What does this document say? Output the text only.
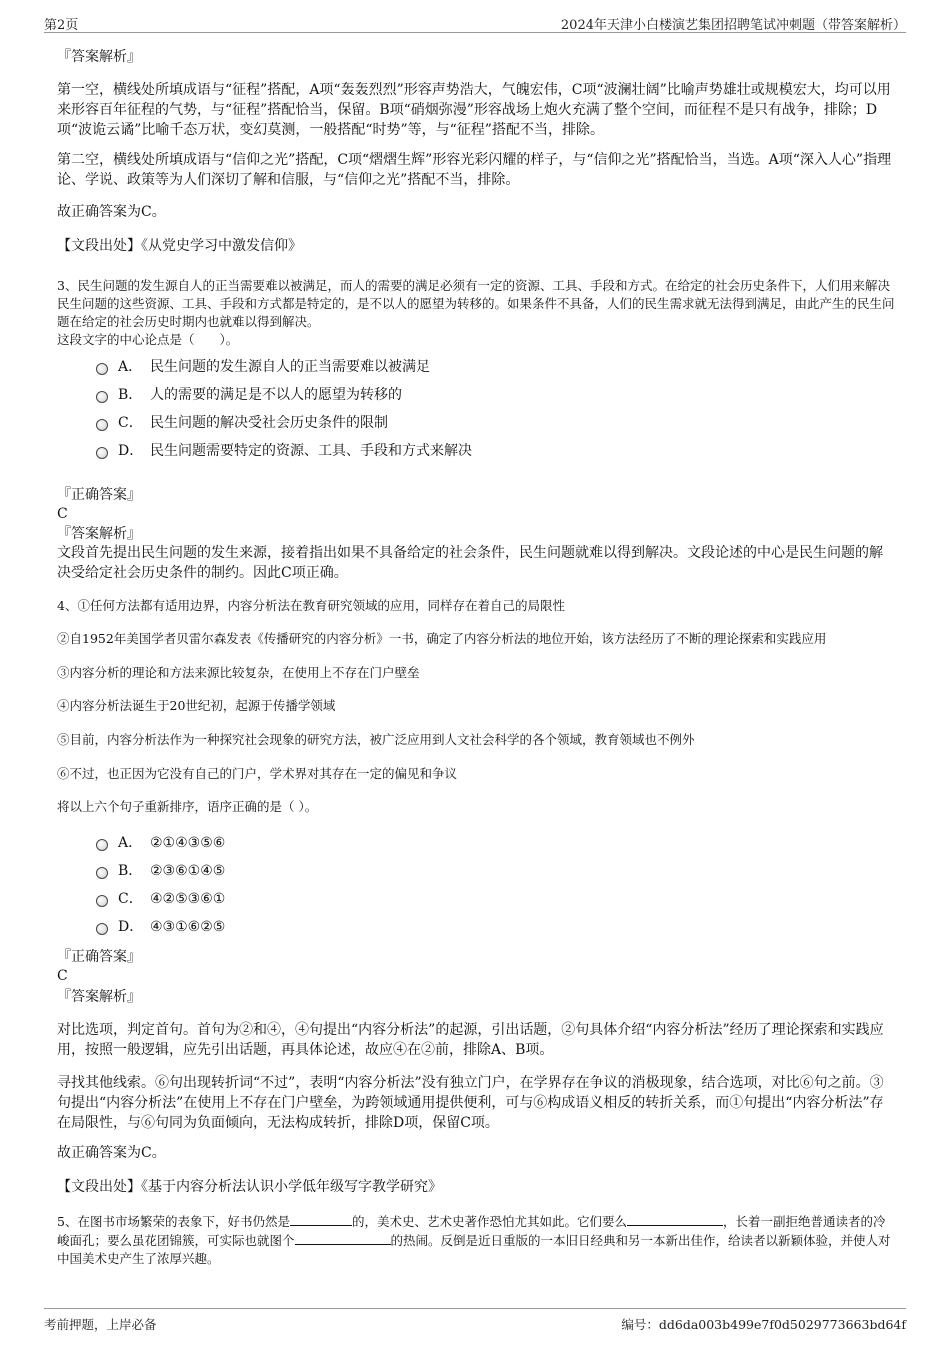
第2页	2024年天津小白楼演艺集团招聘笔试冲刺题（带答案解析）
『答案解析』

第一空，横线处所填成语与“征程”搭配，A项“轰轰烈烈”形容声势浩大，气魄宏伟，C项“波澜壮阔”比喻声势雄壮或规模宏大，均可以用来形容百年征程的气势，与“征程”搭配恰当，保留。B项“硝烟弥漫”形容战场上炮火充满了整个空间，而征程不是只有战争，排除；D项“波诡云谲”比喻千态万状，变幻莫测，一般搭配“时势”等，与“征程”搭配不当，排除。

第二空，横线处所填成语与“信仰之光”搭配，C项“熠熠生辉”形容光彩闪耀的样子，与“信仰之光”搭配恰当，当选。A项“深入人心”指理论、学说、政策等为人们深切了解和信服，与“信仰之光”搭配不当，排除。

故正确答案为C。
【文段出处】《从党史学习中激发信仰》

3、民生问题的发生源自人的正当需要难以被满足，而人的需要的满足必须有一定的资源、工具、手段和方式。在给定的社会历史条件下，人们用来解决民生问题的这些资源、工具、手段和方式都是特定的，是不以人的愿望为转移的。如果条件不具备，人们的民生需求就无法得到满足，由此产生的民生问题在给定的社会历史时期内也就难以得到解决。

这段文字的中心论点是（　　）。

A． 民生问题的发生源自人的正当需要难以被满足
B． 人的需要的满足是不以人的愿望为转移的
C． 民生问题的解决受社会历史条件的限制
D． 民生问题需要特定的资源、工具、手段和方式来解决
『正确答案』
C
『答案解析』

文段首先提出民生问题的发生来源，接着指出如果不具备给定的社会条件，民生问题就难以得到解决。文段论述的中心是民生问题的解决受给定社会历史条件的制约。因此C项正确。

4、①任何方法都有适用边界，内容分析法在教育研究领域的应用，同样存在着自己的局限性
②自1952年美国学者贝雷尔森发表《传播研究的内容分析》一书，确定了内容分析法的地位开始，该方法经历了不断的理论探索和实践应用
③内容分析的理论和方法来源比较复杂，在使用上不存在门户壁垒
④内容分析法诞生于20世纪初，起源于传播学领域
⑤目前，内容分析法作为一种探究社会现象的研究方法，被广泛应用到人文社会科学的各个领域，教育领域也不例外
⑥不过，也正因为它没有自己的门户，学术界对其存在一定的偏见和争议
将以上六个句子重新排序，语序正确的是（ ）。
A． ②①④③⑤⑥
B． ②③⑥①④⑤
C． ④②⑤③⑥①
D． ④③①⑥②⑤
『正确答案』
C
『答案解析』

对比选项，判定首句。首句为②和④，④句提出“内容分析法”的起源，引出话题，②句具体介绍“内容分析法”经历了理论探索和实践应用，按照一般逻辑，应先引出话题，再具体论述，故应④在②前，排除A、B项。

寻找其他线索。⑥句出现转折词“不过”，表明“内容分析法”没有独立门户，在学界存在争议的消极现象，结合选项，对比⑥句之前。③句提出“内容分析法”在使用上不存在门户壁垒，为跨领域通用提供便利，可与⑥构成语义相反的转折关系，而①句提出“内容分析法”存在局限性，与⑥句同为负面倾向，无法构成转折，排除D项，保留C项。

故正确答案为C。
【文段出处】《基于内容分析法认识小学低年级写字教学研究》

5、在图书市场繁荣的表象下，好书仍然是	的，美术史、艺术史著作恐怕尤其如此。它们要么	，长着一副拒绝普通读者的冷峻面孔；要么虽花团锦簇，可实际也就图个	的热闹。反倒是近日重版的一本旧日经典和另一本新出佳作，给读者以新颖体验，并使人对中国美术史产生了浓厚兴趣。

考前押题，上岸必备	编号：dd6da003b499e7f0d5029773663bd64f
